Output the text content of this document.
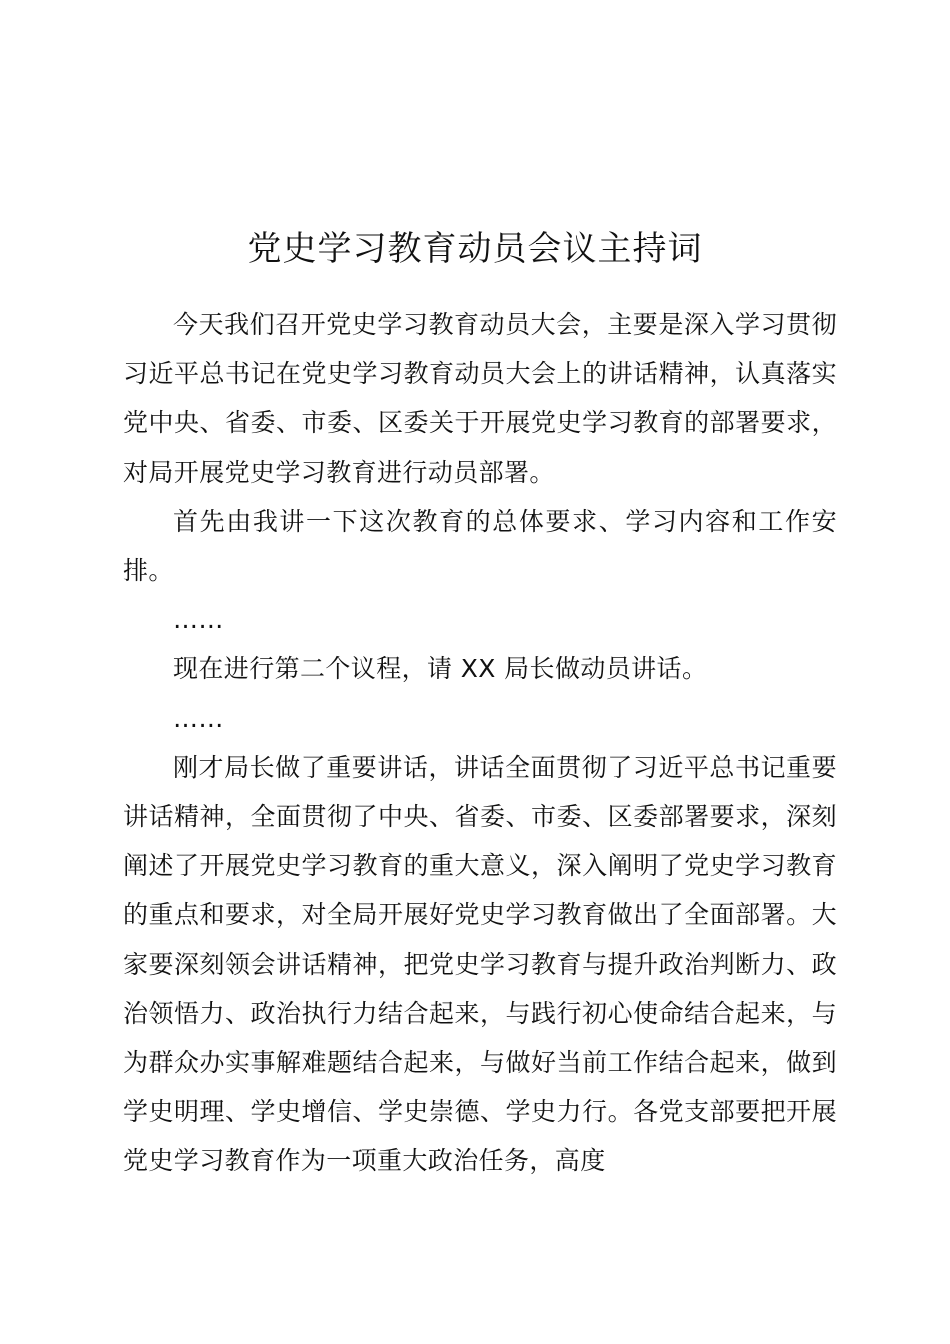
党史学习教育动员会议主持词

今天我们召开党史学习教育动员大会，主要是深入学习贯彻习近平总书记在党史学习教育动员大会上的讲话精神，认真落实党中央、省委、市委、区委关于开展党史学习教育的部署要求，对局开展党史学习教育进行动员部署。

首先由我讲一下这次教育的总体要求、学习内容和工作安排。

……

现在进行第二个议程，请 XX 局长做动员讲话。

……

刚才局长做了重要讲话，讲话全面贯彻了习近平总书记重要讲话精神，全面贯彻了中央、省委、市委、区委部署要求，深刻阐述了开展党史学习教育的重大意义，深入阐明了党史学习教育的重点和要求，对全局开展好党史学习教育做出了全面部署。大家要深刻领会讲话精神，把党史学习教育与提升政治判断力、政治领悟力、政治执行力结合起来，与践行初心使命结合起来，与为群众办实事解难题结合起来，与做好当前工作结合起来，做到学史明理、学史增信、学史崇德、学史力行。各党支部要把开展党史学习教育作为一项重大政治任务，高度
